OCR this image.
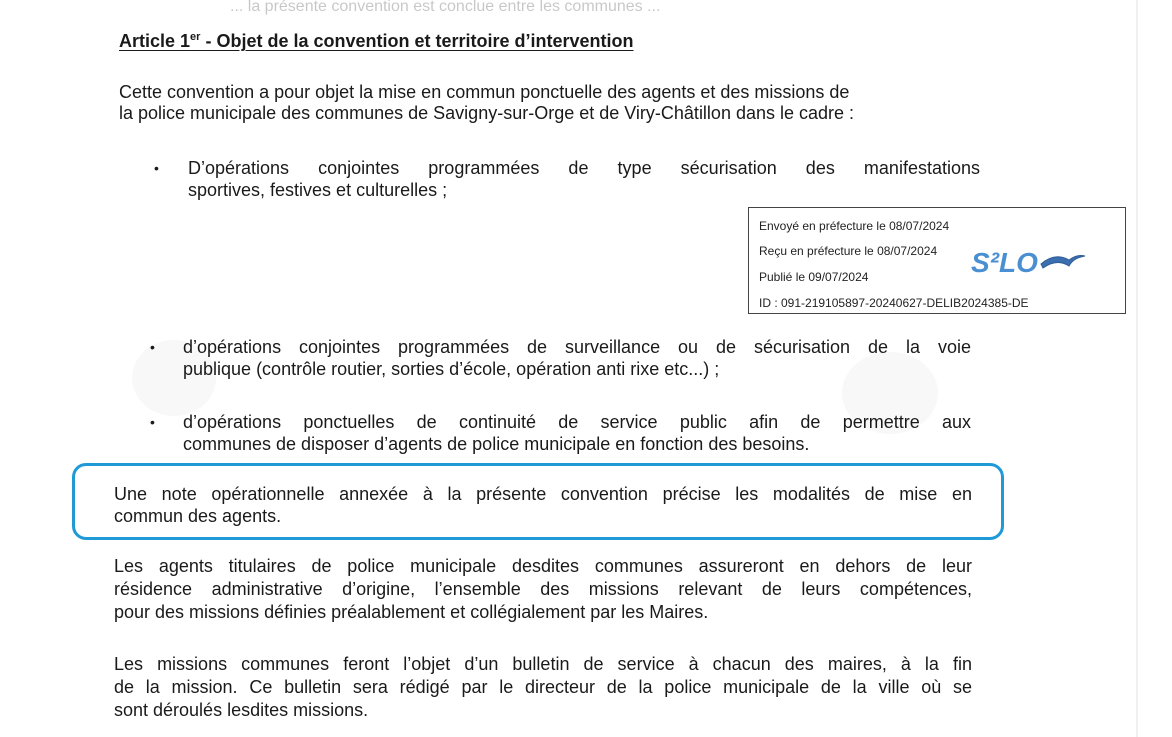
... la présente convention est conclue entre les communes ...
Article 1er - Objet de la convention et territoire d’intervention

Cette convention a pour objet la mise en commun ponctuelle des agents et des missions de

la police municipale des communes de Savigny-sur-Orge et de Viry-Châtillon dans le cadre :

• D’opérations conjointes programmées de type sécurisation des manifestations

sportives, festives et culturelles ;

Envoyé en préfecture le 08/07/2024
Reçu en préfecture le 08/07/2024
Publié le 09/07/2024
ID : 091-219105897-20240627-DELIB2024385-DE
S²LO
• d’opérations conjointes programmées de surveillance ou de sécurisation de la voie

publique (contrôle routier, sorties d’école, opération anti rixe etc...) ;

• d’opérations ponctuelles de continuité de service public afin de permettre aux

communes de disposer d’agents de police municipale en fonction des besoins.

Une note opérationnelle annexée à la présente convention précise les modalités de mise en

commun des agents.

Les agents titulaires de police municipale desdites communes assureront en dehors de leur

résidence administrative d’origine, l’ensemble des missions relevant de leurs compétences,

pour des missions définies préalablement et collégialement par les Maires.

Les missions communes feront l’objet d’un bulletin de service à chacun des maires, à la fin

de la mission. Ce bulletin sera rédigé par le directeur de la police municipale de la ville où se

sont déroulés lesdites missions.
